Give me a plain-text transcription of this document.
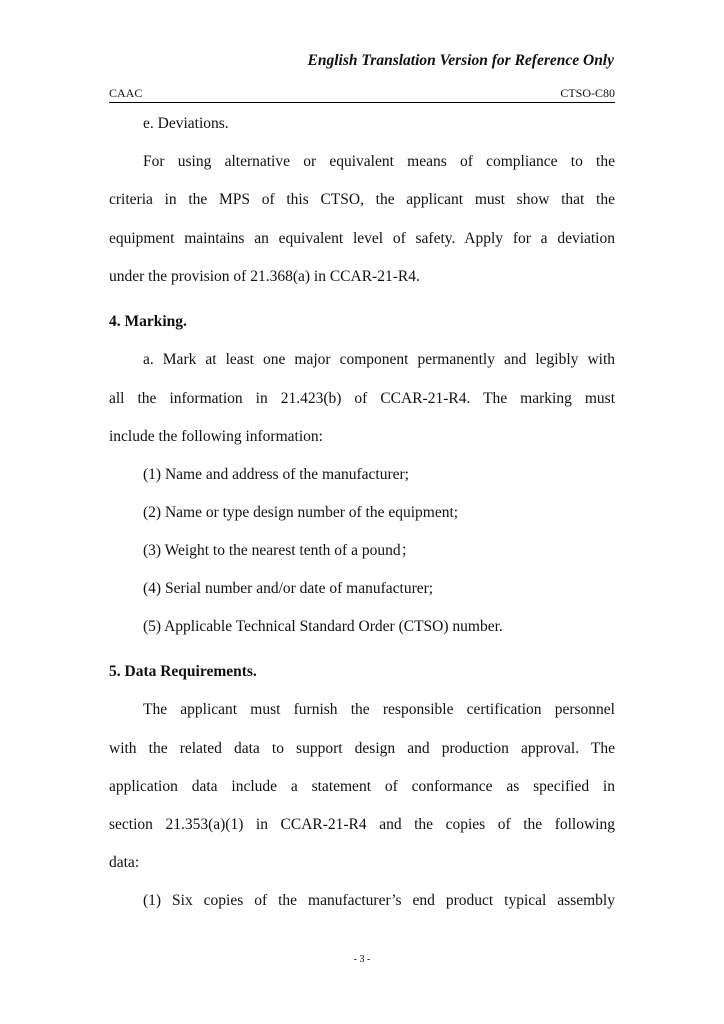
English Translation Version for Reference Only
CAAC	CTSO-C80
e. Deviations.
For using alternative or equivalent means of compliance to the
criteria in the MPS of this CTSO, the applicant must show that the
equipment maintains an equivalent level of safety. Apply for a deviation
under the provision of 21.368(a) in CCAR-21-R4.
4. Marking.
a. Mark at least one major component permanently and legibly with
all the information in 21.423(b) of CCAR-21-R4. The marking must
include the following information:
(1) Name and address of the manufacturer;
(2) Name or type design number of the equipment;
(3) Weight to the nearest tenth of a pound；
(4) Serial number and/or date of manufacturer;
(5) Applicable Technical Standard Order (CTSO) number.
5. Data Requirements.
The applicant must furnish the responsible certification personnel
with the related data to support design and production approval. The
application data include a statement of conformance as specified in
section 21.353(a)(1) in CCAR-21-R4 and the copies of the following
data:
(1) Six copies of the manufacturer’s end product typical assembly
- 3 -
